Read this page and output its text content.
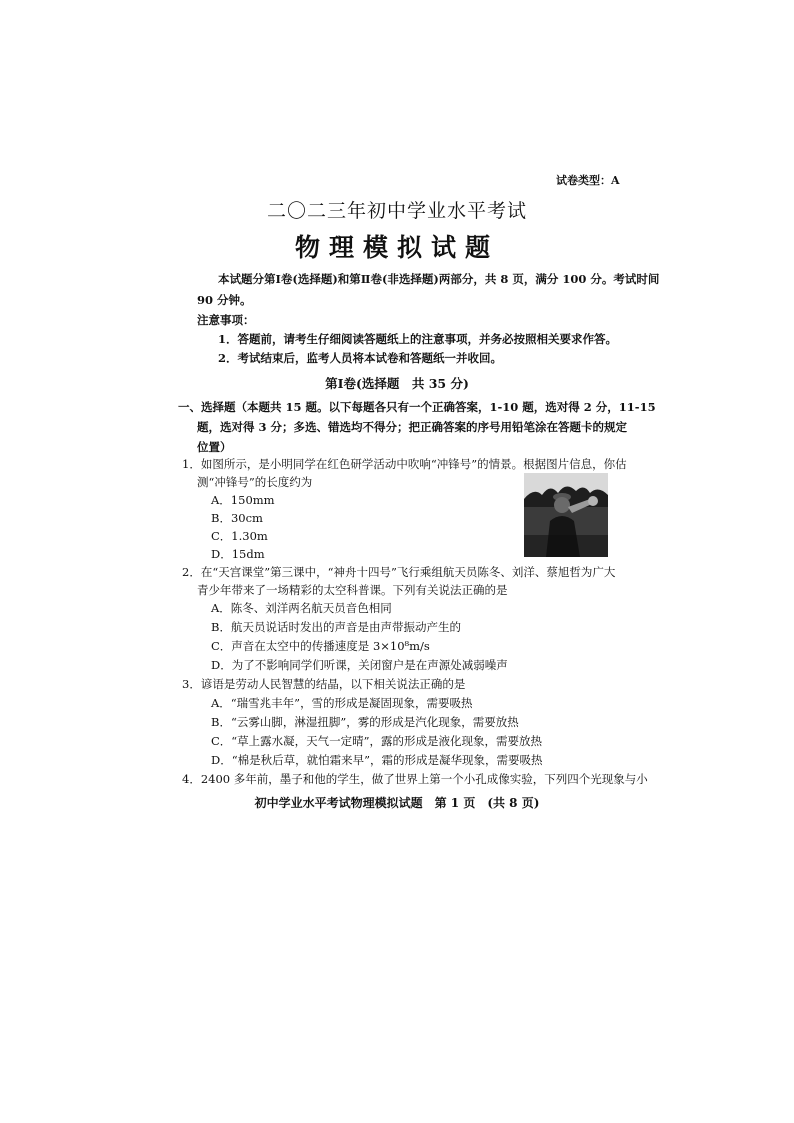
试卷类型：A
二〇二三年初中学业水平考试
物理模拟试题
本试题分第Ⅰ卷(选择题)和第Ⅱ卷(非选择题)两部分，共 8 页，满分 100 分。考试时间
90 分钟。
注意事项：
1．答题前，请考生仔细阅读答题纸上的注意事项，并务必按照相关要求作答。
2．考试结束后，监考人员将本试卷和答题纸一并收回。
第Ⅰ卷(选择题　共 35 分)
一、选择题（本题共 15 题。以下每题各只有一个正确答案，1-10 题，选对得 2 分，11-15
题，选对得 3 分；多选、错选均不得分；把正确答案的序号用铅笔涂在答题卡的规定
位置）
1．如图所示，是小明同学在红色研学活动中吹响“冲锋号”的情景。根据图片信息，你估
测“冲锋号”的长度约为
A．150mm
B．30cm
C．1.30m
D．15dm
2．在“天宫课堂”第三课中，“神舟十四号”飞行乘组航天员陈冬、刘洋、蔡旭哲为广大
青少年带来了一场精彩的太空科普课。下列有关说法正确的是
A．陈冬、刘洋两名航天员音色相同
B．航天员说话时发出的声音是由声带振动产生的
C．声音在太空中的传播速度是 3×10⁸m/s
D．为了不影响同学们听课，关闭窗户是在声源处减弱噪声
3．谚语是劳动人民智慧的结晶，以下相关说法正确的是
A．“瑞雪兆丰年”，雪的形成是凝固现象，需要吸热
B．“云雾山脚，淋湿扭脚”，雾的形成是汽化现象，需要放热
C．“草上露水凝，天气一定晴”，露的形成是液化现象，需要放热
D．“棉是秋后草，就怕霜来早”，霜的形成是凝华现象，需要吸热
4．2400 多年前，墨子和他的学生，做了世界上第一个小孔成像实验，下列四个光现象与小
初中学业水平考试物理模拟试题　第 1 页　(共 8 页)
